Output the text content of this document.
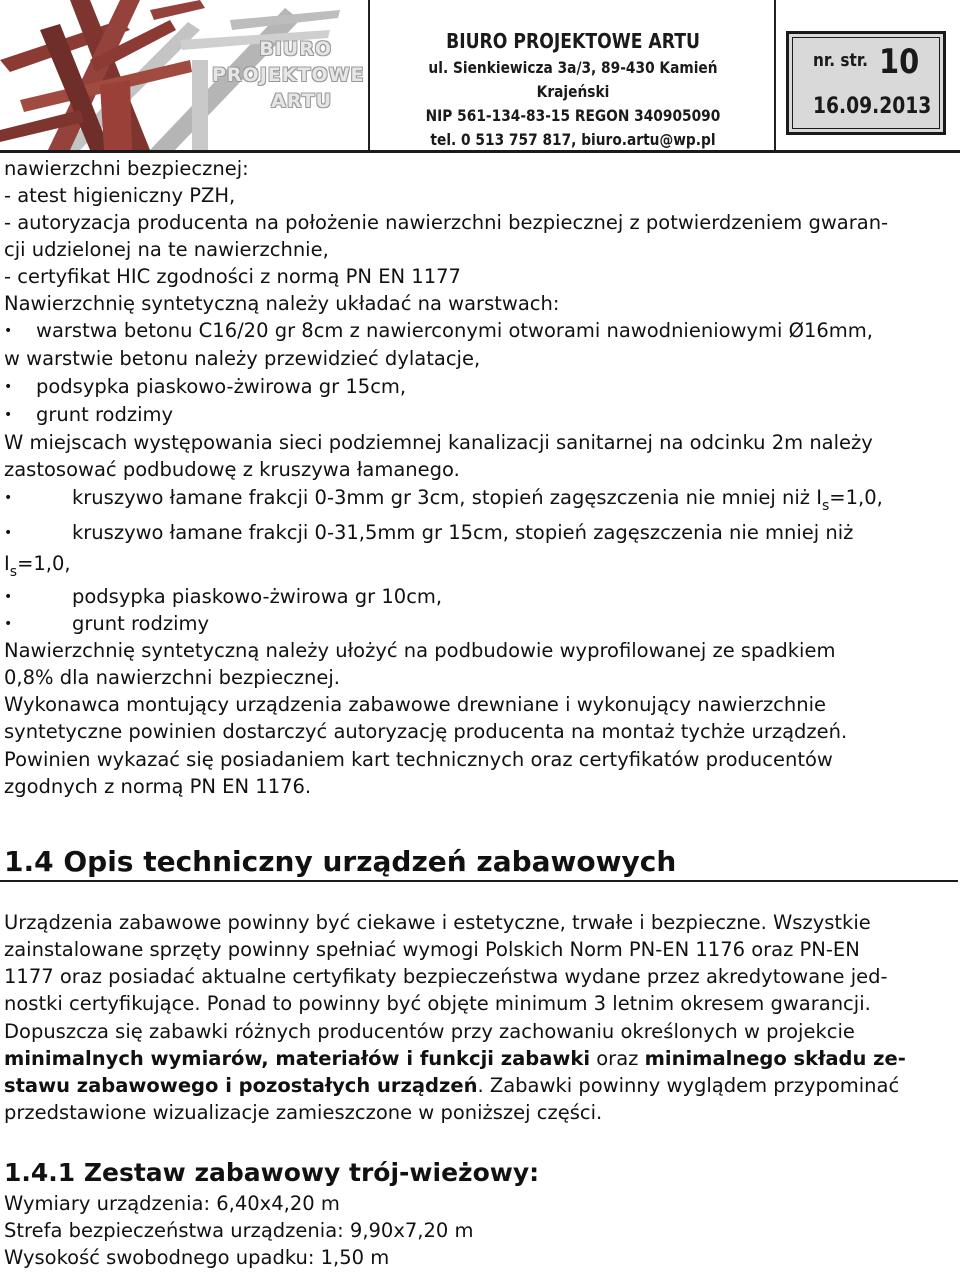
BIURO
PROJEKTOWE
ARTU
BIURO PROJEKTOWE ARTU
ul. Sienkiewicza 3a/3, 89-430 Kamień Krajeński
NIP 561-134-83-15 REGON 340905090
tel. 0 513 757 817, biuro.artu@wp.pl
nr. str. 10
16.09.2013
nawierzchni bezpiecznej:
- atest higieniczny PZH,
- autoryzacja producenta na położenie nawierzchni bezpiecznej z potwierdzeniem gwaran-
cji udzielonej na te nawierzchnie,
- certyfikat HIC zgodności z normą PN EN 1177
Nawierzchnię syntetyczną należy układać na warstwach:
• warstwa betonu C16/20 gr 8cm z nawierconymi otworami nawodnieniowymi Ø16mm,
w warstwie betonu należy przewidzieć dylatacje,
• podsypka piaskowo-żwirowa gr 15cm,
• grunt rodzimy
W miejscach występowania sieci podziemnej kanalizacji sanitarnej na odcinku 2m należy
zastosować podbudowę z kruszywa łamanego.
•	kruszywo łamane frakcji 0-3mm gr 3cm, stopień zagęszczenia nie mniej niż $I_s=1,0$,
•	kruszywo łamane frakcji 0-31,5mm gr 15cm, stopień zagęszczenia nie mniej niż
$I_s=1,0$,
•	podsypka piaskowo-żwirowa gr 10cm,
•	grunt rodzimy
Nawierzchnię syntetyczną należy ułożyć na podbudowie wyprofilowanej ze spadkiem
0,8% dla nawierzchni bezpiecznej.
Wykonawca montujący urządzenia zabawowe drewniane i wykonujący nawierzchnie
syntetyczne powinien dostarczyć autoryzację producenta na montaż tychże urządzeń.
Powinien wykazać się posiadaniem kart technicznych oraz certyfikatów producentów
zgodnych z normą PN EN 1176.
1.4 Opis techniczny urządzeń zabawowych
Urządzenia zabawowe powinny być ciekawe i estetyczne, trwałe i bezpieczne. Wszystkie
zainstalowane sprzęty powinny spełniać wymogi Polskich Norm PN-EN 1176 oraz PN-EN
1177 oraz posiadać aktualne certyfikaty bezpieczeństwa wydane przez akredytowane jed-
nostki certyfikujące. Ponad to powinny być objęte minimum 3 letnim okresem gwarancji.
Dopuszcza się zabawki różnych producentów przy zachowaniu określonych w projekcie
minimalnych wymiarów, materiałów i funkcji zabawki oraz minimalnego składu ze-
stawu zabawowego i pozostałych urządzeń. Zabawki powinny wyglądem przypominać
przedstawione wizualizacje zamieszczone w poniższej części.
1.4.1 Zestaw zabawowy trój-wieżowy:
Wymiary urządzenia: 6,40x4,20 m
Strefa bezpieczeństwa urządzenia: 9,90x7,20 m
Wysokość swobodnego upadku: 1,50 m
